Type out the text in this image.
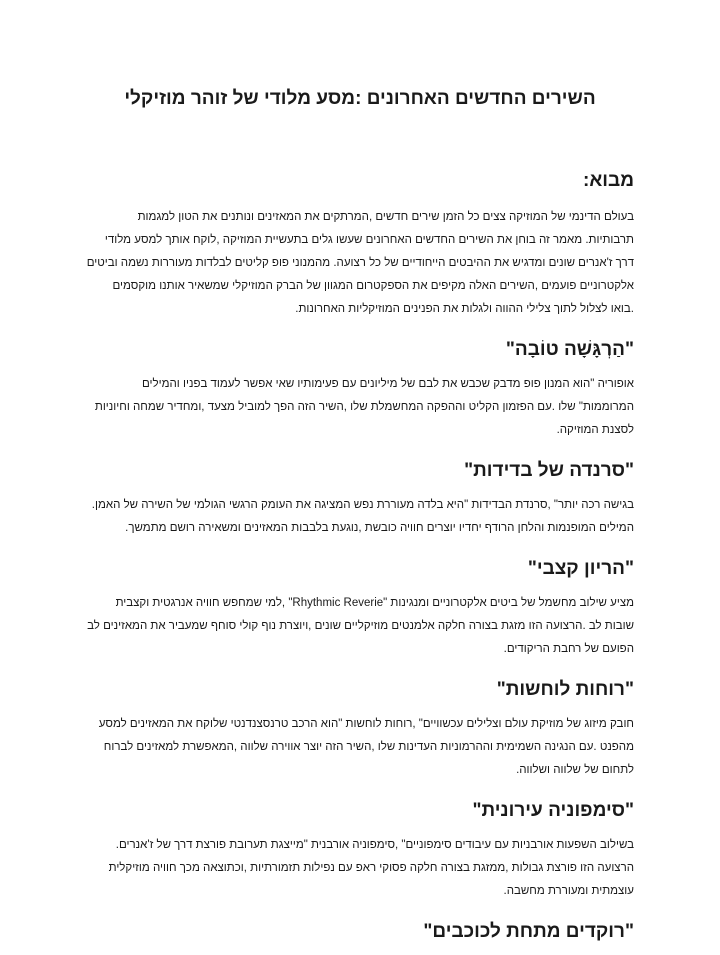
השירים החדשים האחרונים :מסע מלודי של זוהר מוזיקלי
מבוא:

בעולם הדינמי של המוזיקה צצים כל הזמן שירים חדשים ,המרתקים את המאזינים ונותנים את הטון למגמות תרבותיות. מאמר זה בוחן את השירים החדשים האחרונים שעשו גלים בתעשיית המוזיקה ,לוקח אותך למסע מלודי דרך ז'אנרים שונים ומדגיש את ההיבטים הייחודיים של כל רצועה. מהמנוני פופ קליטים לבלדות מעוררות נשמה וביטים אלקטרוניים פועמים ,השירים האלה מקיפים את הספקטרום המגוון של הברק המוזיקלי שמשאיר אותנו מוקסמים .בואו לצלול לתוך צלילי ההווה ולגלות את הפנינים המוזיקליות האחרונות.

"הַרְגָּשָׁה טוֹבָה"

אופוריה "הוא המנון פופ מדבק שכבש את לבם של מיליונים עם פעימותיו שאי אפשר לעמוד בפניו והמילים המרוממות" שלו .עם הפזמון הקליט וההפקה המחשמלת שלו ,השיר הזה הפך למוביל מצעד ,ומחדיר שמחה וחיוניות לסצנת המוזיקה.

"סרנדה של בדידות"

בגישה רכה יותר" ,סרנדת הבדידות "היא בלדה מעוררת נפש המציגה את העומק הרגשי הגולמי של השירה של האמן. המילים המופנמות והלחן הרודף יחדיו יוצרים חוויה כובשת ,נוגעת בלבבות המאזינים ומשאירה רושם מתמשך.

"הריון קצבי"

מציע שילוב מחשמל של ביטים אלקטרוניים ומנגינות "Rhythmic Reverie" ,למי שמחפש חוויה אנרגטית וקצבית שובות לב .הרצועה הזו מזגת בצורה חלקה אלמנטים מוזיקליים שונים ,ויוצרת נוף קולי סוחף שמעביר את המאזינים לב הפועם של רחבת הריקודים.

"רוחות לוחשות"

חובק מיזוג של מוזיקת עולם וצלילים עכשוויים" ,רוחות לוחשות "הוא הרכב טרנסצנדנטי שלוקח את המאזינים למסע מהפנט .עם הנגינה השמימית וההרמוניות העדינות שלו ,השיר הזה יוצר אווירה שלווה ,המאפשרת למאזינים לברוח לתחום של שלווה ושלווה.

"סימפוניה עירונית"

בשילוב השפעות אורבניות עם עיבודים סימפוניים" ,סימפוניה אורבנית "מייצגת תערובת פורצת דרך של ז'אנרים. הרצועה הזו פורצת גבולות ,ממזגת בצורה חלקה פסוקי ראפ עם נפילות תזמורתיות ,וכתוצאה מכך חוויה מוזיקלית עוצמתית ומעוררת מחשבה.

"רוקדים מתחת לכוכבים"
